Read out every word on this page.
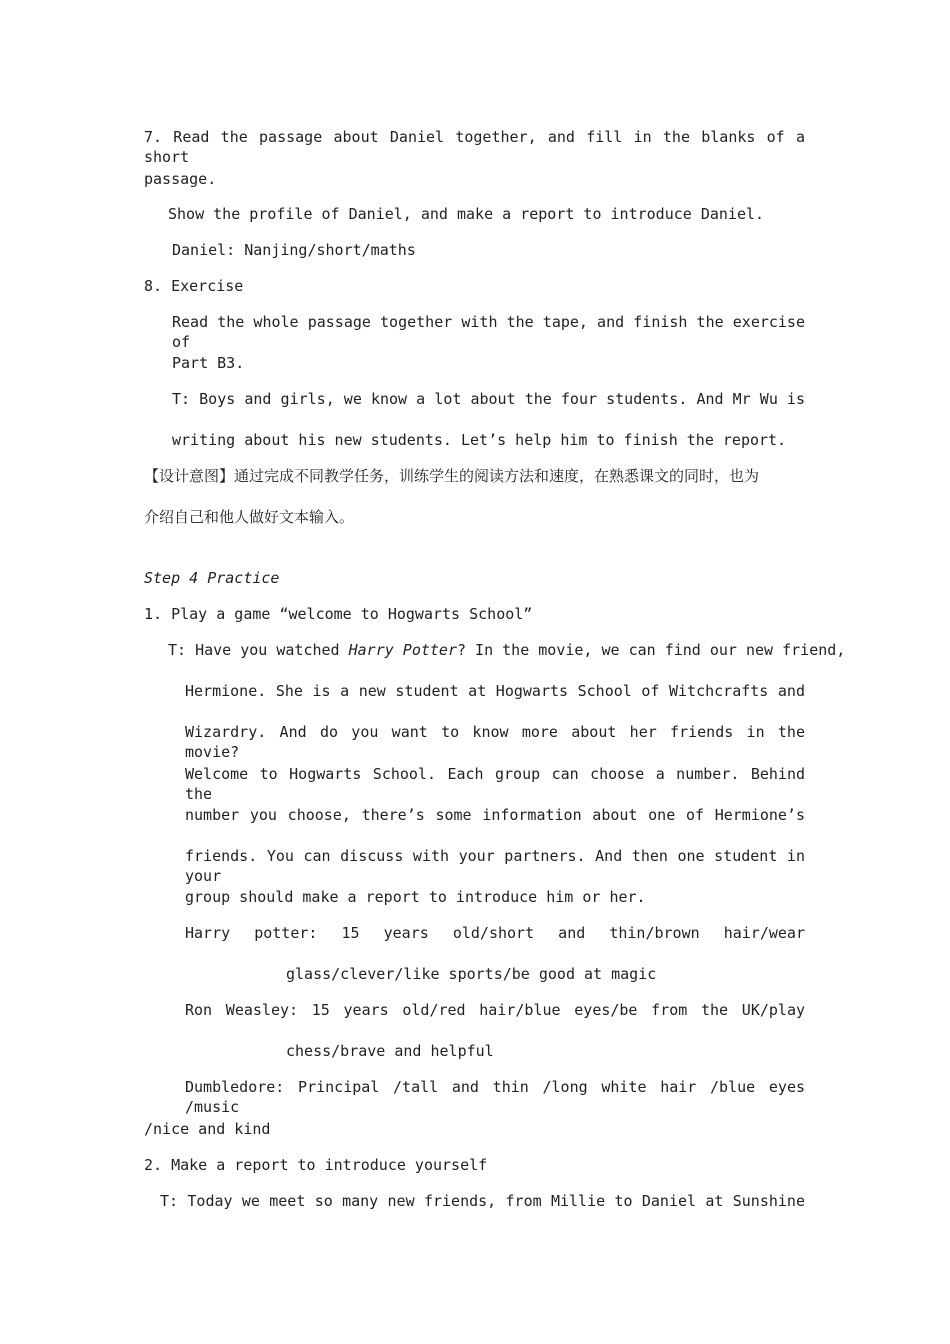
7. Read the passage about Daniel together, and fill in the blanks of a short
passage.
Show the profile of Daniel, and make a report to introduce Daniel.
Daniel: Nanjing/short/maths
8. Exercise
Read the whole passage together with the tape, and finish the exercise of
Part B3.
T: Boys and girls, we know a lot about the four students. And Mr Wu is
writing about his new students. Let’s help him to finish the report.
【设计意图】通过完成不同教学任务，训练学生的阅读方法和速度，在熟悉课文的同时，也为
介绍自己和他人做好文本输入。
Step 4 Practice
1. Play a game “welcome to Hogwarts School”
T: Have you watched Harry Potter? In the movie, we can find our new friend,
Hermione. She is a new student at Hogwarts School of Witchcrafts and
Wizardry. And do you want to know more about her friends in the movie?
Welcome to Hogwarts School. Each group can choose a number. Behind the
number you choose, there’s some information about one of Hermione’s
friends. You can discuss with your partners. And then one student in your
group should make a report to introduce him or her.
Harry potter: 15 years old/short and thin/brown hair/wear
glass/clever/like sports/be good at magic
Ron Weasley: 15 years old/red hair/blue eyes/be from the UK/play
chess/brave and helpful
Dumbledore: Principal /tall and thin /long white hair /blue eyes /music
/nice and kind
2. Make a report to introduce yourself
T: Today we meet so many new friends, from Millie to Daniel at Sunshine
